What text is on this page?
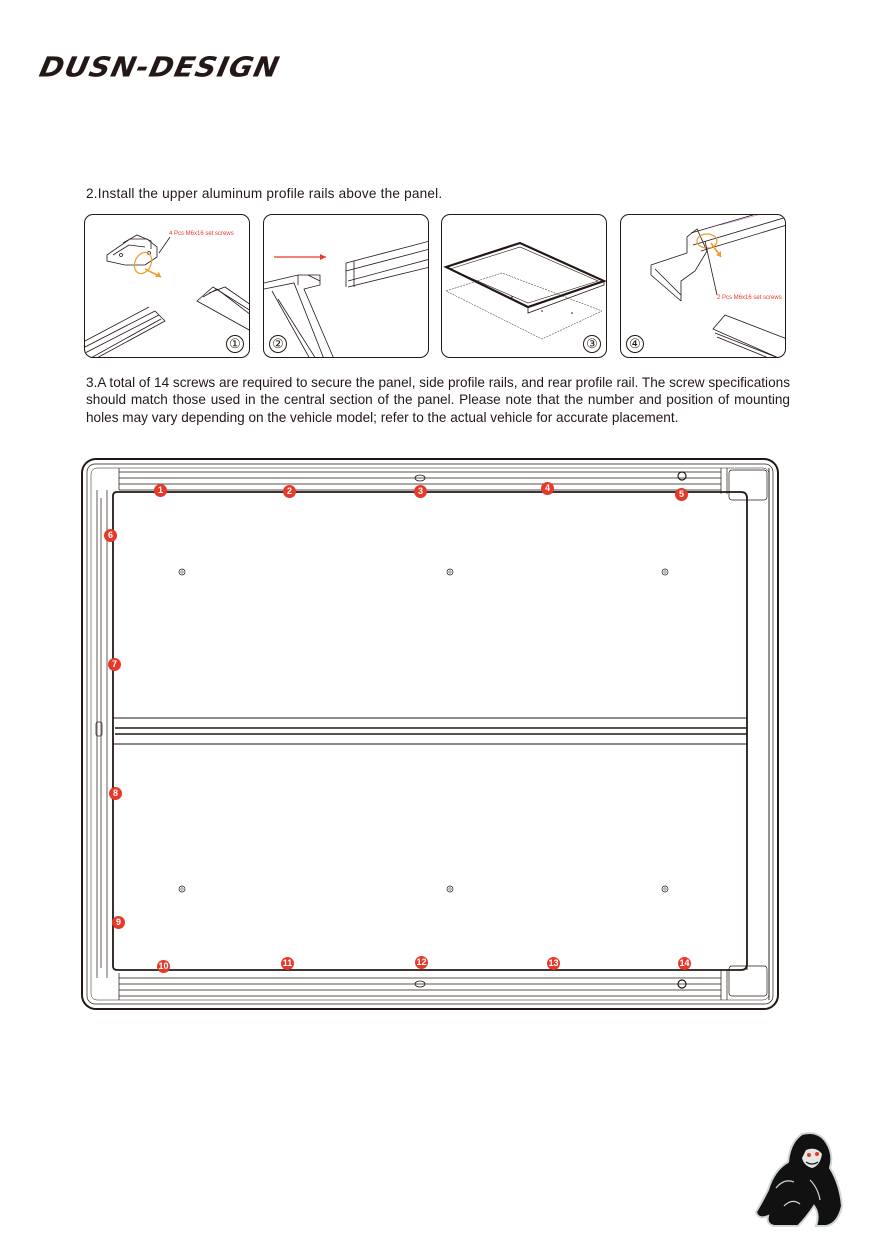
DUSN-DESIGN
2.Install the upper aluminum profile rails above the panel.
4 Pcs M6x16 set screws
① ②	③
2 Pcs M6x16 set screws
④
3.A total of 14 screws are required to secure the panel, side profile rails, and rear profile rail. The screw specifications should match those used in the central section of the panel. Please note that the number and position of mounting holes may vary depending on the vehicle model; refer to the actual vehicle for accurate placement.
1	2	3	4
5
6
7
8
9
10	11	12	13	14
